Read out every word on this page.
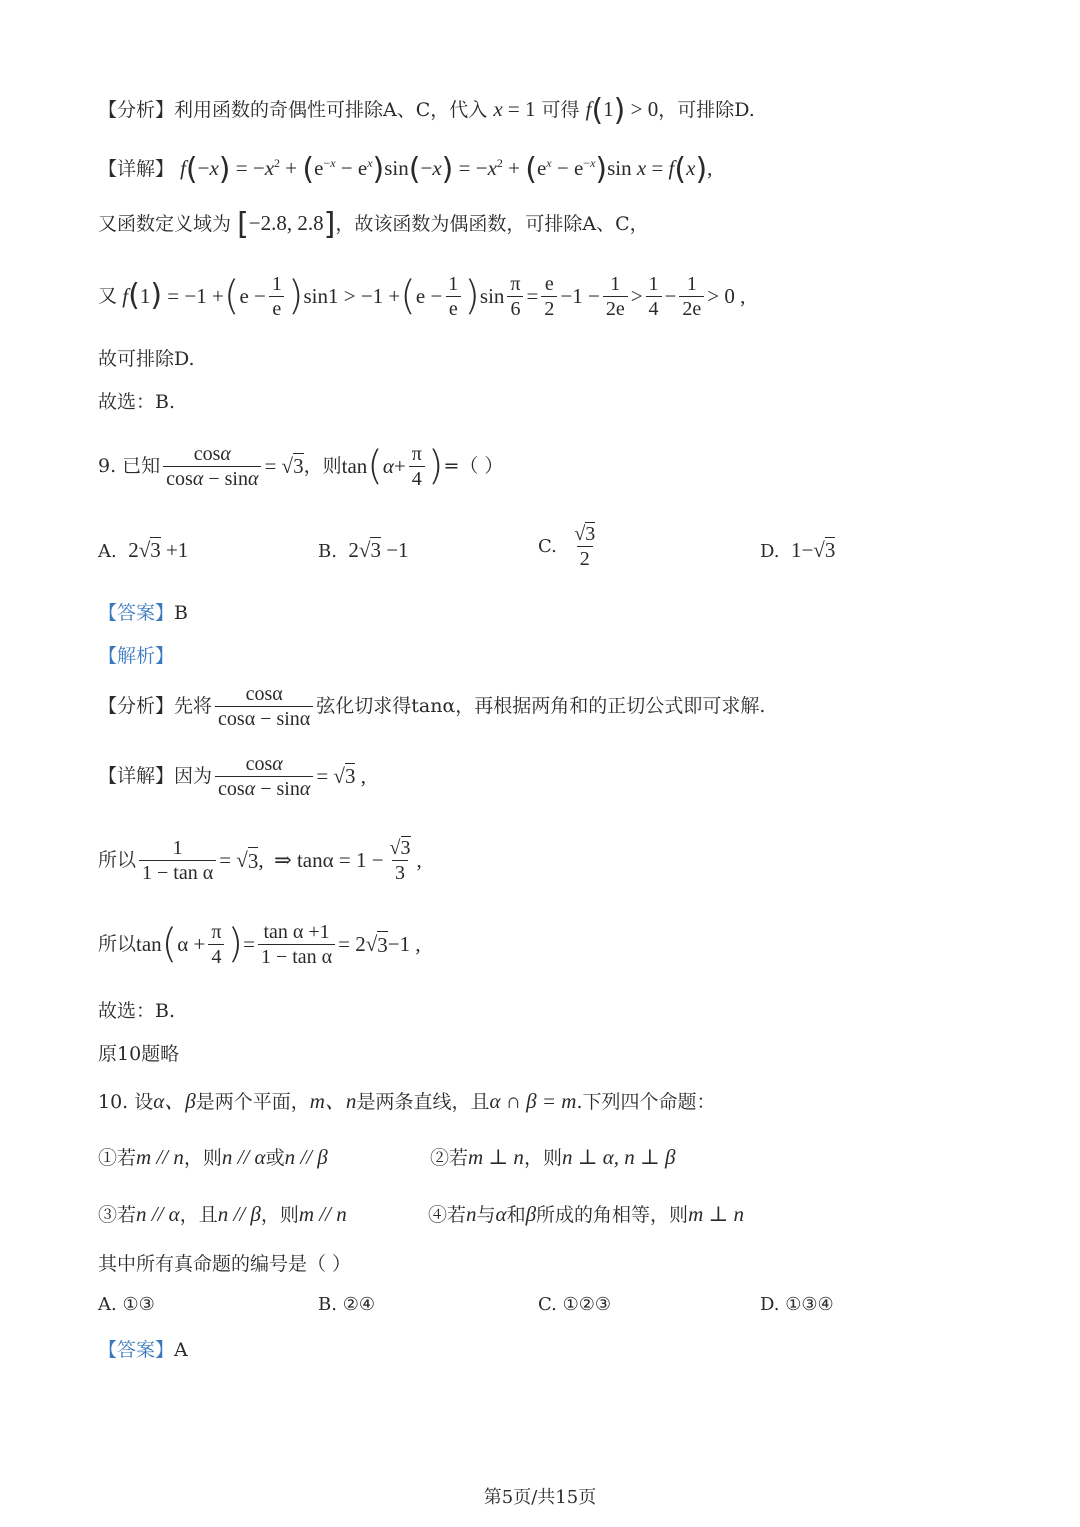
【分析】利用函数的奇偶性可排除A、C，代入 x = 1 可得 f(1) > 0，可排除D.
【详解】 $f(-x) = -x^2 + (e^{-x} - e^x)\sin(-x) = -x^2 + (e^x - e^{-x})\sin$ x = f(x),
又函数定义域为 [−2.8, 2.8]，故该函数为偶函数，可排除A、C，
又
f ( 1 ) = −1 + ( $e - \frac{1}{e}$ ) sin1 > −1 + ( $e - \frac{1}{e}$ ) $\sin \frac{\pi}{6} = \frac{e}{2} -1 - \frac{1}{2e} > \frac{1}{4} - \frac{1}{2e} > 0$ ,
故可排除D.
故选：B.
9. 已知 $\frac{\cos\alpha}{\cos\alpha - \sin\alpha} = √3$ ，则 tan ( $\alpha + \frac{\pi}{4}$ ) =（ ）
A. 2√3 +1	B. 2√3 −1	C.
$\frac{√3}{2}$	D. 1−√3
【答案】B
【解析】
【分析】 先将 $\frac{\cos\alpha}{\cos\alpha - \sin\alpha}$ 弦化切求得tanα，再根据两角和的正切公式即可求解.
【详解】 因为 $\frac{\cos\alpha}{\cos\alpha - \sin\alpha} = √3$ ,
所以 $\frac{1}{\text{1 − tan α}}$ = √ 3 ,  ⇒ $\tan\alpha = 1 - \frac{√3}{3}$ ,
所以 tan ( $\alpha + \frac{\pi}{4}$ ) = $\frac{\text{tan α +1}}{\text{1 − tan α}} = 2√$ 3 −1 ,
故选：B.
原10题略
10. 设α、β是两个平面，m、n是两条直线，且α ∩ β = m.下列四个命题：
①若m // n，则n // α或n // β	②若m ⊥ n，则n ⊥ α, n ⊥ β
③若n // α，且n // β，则m // n	④若n与α和β所成的角相等，则m ⊥ n
其中所有真命题的编号是（ ）
A. ①③	B. ②④	C. ①②③	D. ①③④
【答案】A
第5页/共15页
